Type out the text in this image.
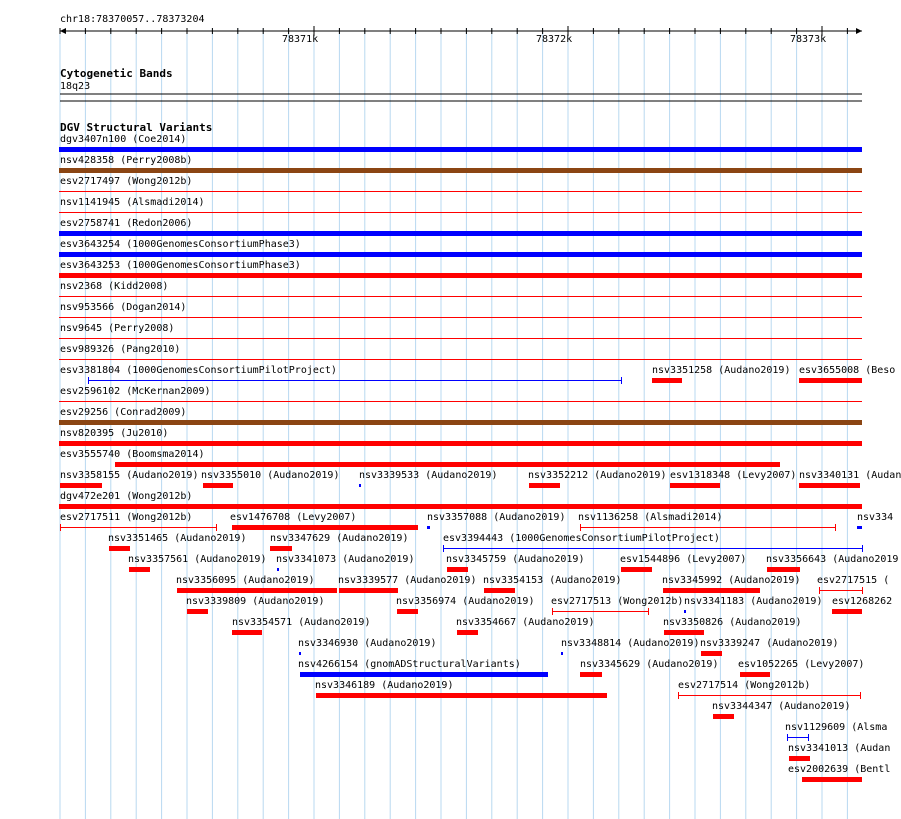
chr18:78370057..78373204
78371k	78372k	78373k
Cytogenetic Bands
18q23
DGV Structural Variants
dgv3407n100 (Coe2014)
nsv428358 (Perry2008b)
esv2717497 (Wong2012b)
nsv1141945 (Alsmadi2014)
esv2758741 (Redon2006)
esv3643254 (1000GenomesConsortiumPhase3)
esv3643253 (1000GenomesConsortiumPhase3)
nsv2368 (Kidd2008)
nsv953566 (Dogan2014)
nsv9645 (Perry2008)
esv989326 (Pang2010)
esv3381804 (1000GenomesConsortiumPilotProject)	nsv3351258 (Audano2019) esv3655008 (Beso
esv2596102 (McKernan2009)
esv29256 (Conrad2009)
nsv820395 (Ju2010)
esv3555740 (Boomsma2014)
nsv3358155 (Audano2019) nsv3355010 (Audano2019) nsv3339533 (Audano2019)	nsv3352212 (Audano2019) esv1318348 (Levy2007) nsv3340131 (Audan
dgv472e201 (Wong2012b)
esv2717511 (Wong2012b)	esv1476708 (Levy2007)	nsv3357088 (Audano2019) nsv1136258 (Alsmadi2014)	nsv334
nsv3351465 (Audano2019) nsv3347629 (Audano2019)	esv3394443 (1000GenomesConsortiumPilotProject)
nsv3357561 (Audano2019) nsv3341073 (Audano2019)	nsv3345759 (Audano2019)	esv1544896 (Levy2007) nsv3356643 (Audano2019
nsv3356095 (Audano2019) nsv3339577 (Audano2019) nsv3354153 (Audano2019)	nsv3345992 (Audano2019) esv2717515 (
nsv3339809 (Audano2019)	nsv3356974 (Audano2019) esv2717513 (Wong2012b) nsv3341183 (Audano2019) esv1268262
nsv3354571 (Audano2019)	nsv3354667 (Audano2019)	nsv3350826 (Audano2019)
nsv3346930 (Audano2019)	nsv3348814 (Audano2019) nsv3339247 (Audano2019)
nsv4266154 (gnomADStructuralVariants)	nsv3345629 (Audano2019) esv1052265 (Levy2007)
nsv3346189 (Audano2019)	esv2717514 (Wong2012b)
nsv3344347 (Audano2019)
nsv1129609 (Alsma
nsv3341013 (Audan
esv2002639 (Bentl
